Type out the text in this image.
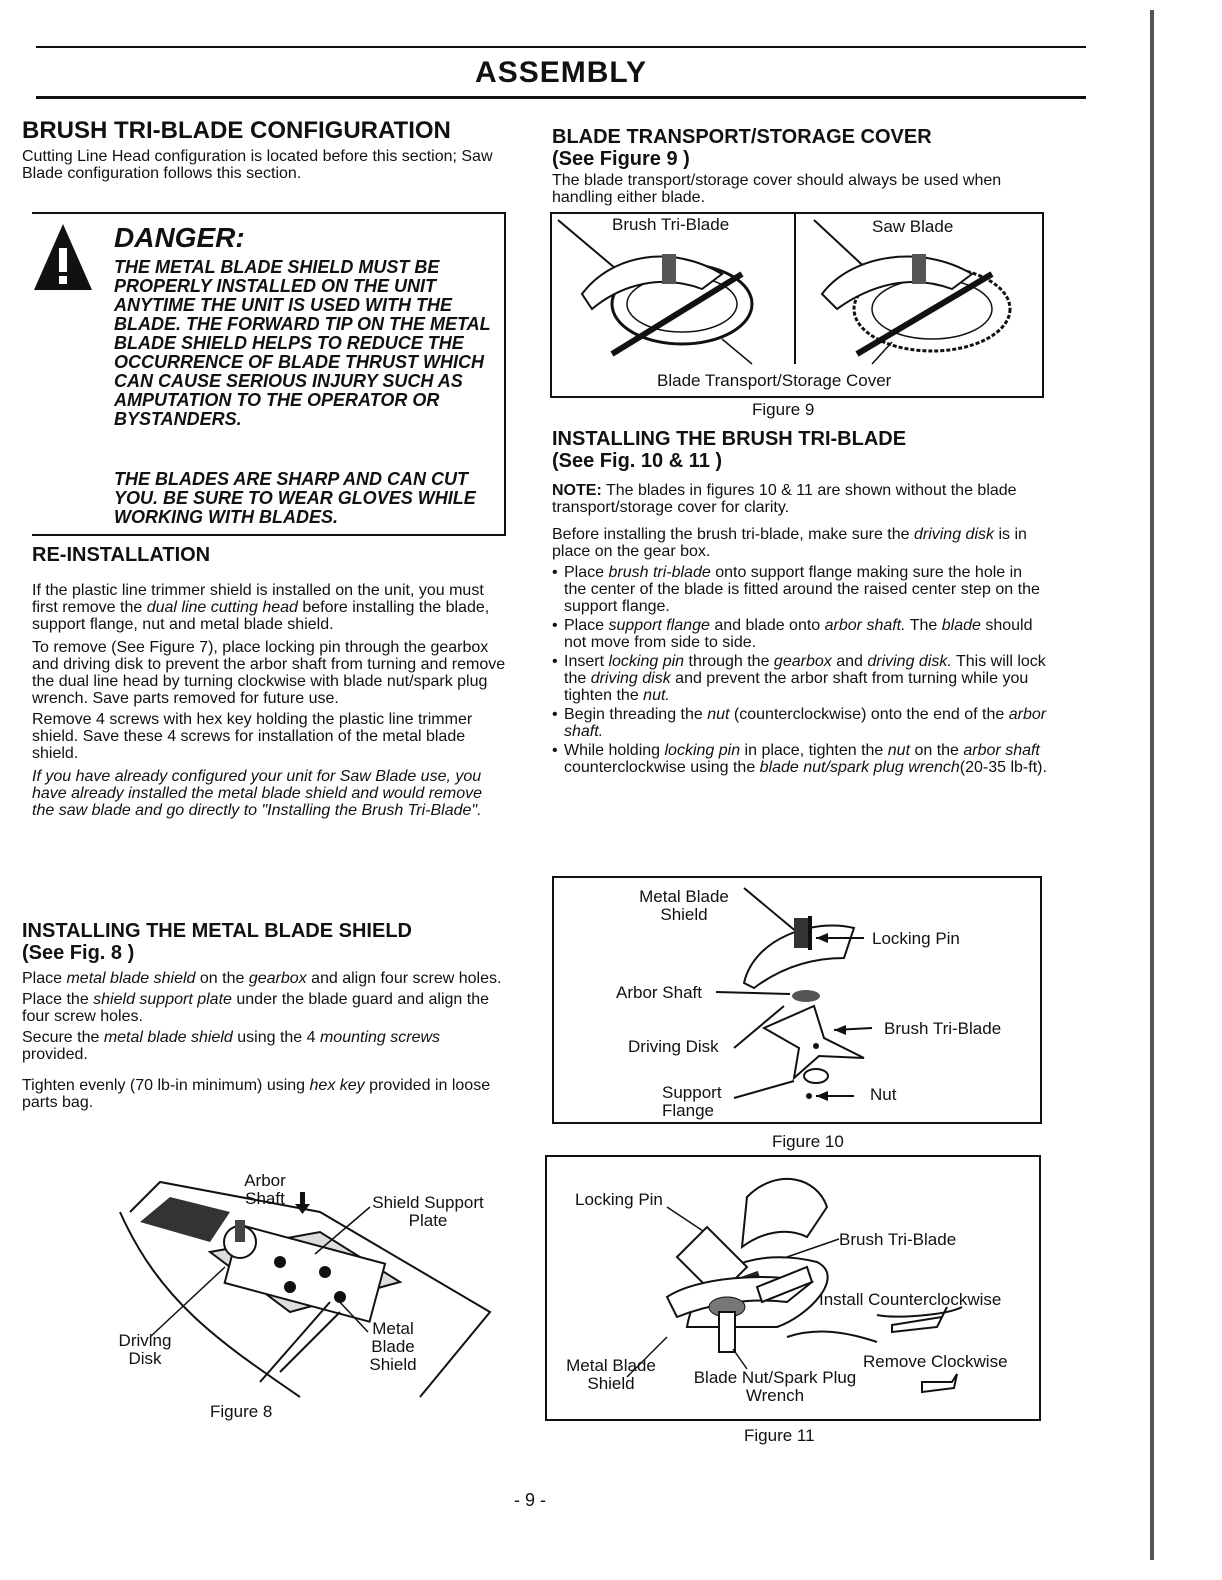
ASSEMBLY
BRUSH TRI-BLADE CONFIGURATION

Cutting Line Head configuration is located before this section; Saw Blade configuration follows this section.

DANGER:

THE METAL BLADE SHIELD MUST BE PROPERLY INSTALLED ON THE UNIT ANYTIME THE UNIT IS USED WITH THE BLADE. THE FORWARD TIP ON THE METAL BLADE SHIELD HELPS TO REDUCE THE OCCURRENCE OF BLADE THRUST WHICH CAN CAUSE SERIOUS INJURY SUCH AS AMPUTATION TO THE OPERATOR OR BYSTANDERS.

THE BLADES ARE SHARP AND CAN CUT YOU. BE SURE TO WEAR GLOVES WHILE WORKING WITH BLADES.

RE-INSTALLATION

If the plastic line trimmer shield is installed on the unit, you must first remove the dual line cutting head before installing the blade, support flange, nut and metal blade shield.

To remove (See Figure 7), place locking pin through the gearbox and driving disk to prevent the arbor shaft from turning and remove the dual line head by turning clockwise with blade nut/spark plug wrench. Save parts removed for future use.

Remove 4 screws with hex key holding the plastic line trimmer shield. Save these 4 screws for installation of the metal blade shield.

If you have already configured your unit for Saw Blade use, you have already installed the metal blade shield and would remove the saw blade and go directly to "Installing the Brush Tri-Blade".

INSTALLING THE METAL BLADE SHIELD
(See Fig. 8 )

Place metal blade shield on the gearbox and align four screw holes.

Place the shield support plate under the blade guard and align the four screw holes.

Secure the metal blade shield using the 4 mounting screws provided.

Tighten evenly (70 lb-in minimum) using hex key provided in loose parts bag.

Arbor Shaft	Shield Support Plate
Driving Disk
Metal Blade Shield
Figure 8
BLADE TRANSPORT/STORAGE COVER
(See Figure 9 )

The blade transport/storage cover should always be used when handling either blade.

Brush Tri-Blade	Saw Blade
Blade Transport/Storage Cover
Figure 9
INSTALLING THE BRUSH TRI-BLADE
(See Fig. 10 & 11 )

NOTE: The blades in figures 10 & 11 are shown without the blade transport/storage cover for clarity.

Before installing the brush tri-blade, make sure the driving disk is in place on the gear box.

• Place brush tri-blade onto support flange making sure the hole in the center of the blade is fitted around the raised center step on the support flange.

• Place support flange and blade onto arbor shaft. The blade should not move from side to side.

• Insert locking pin through the gearbox and driving disk. This will lock the driving disk and prevent the arbor shaft from turning while you tighten the nut.

• Begin threading the nut (counterclockwise) onto the end of the arbor shaft.

• While holding locking pin in place, tighten the nut on the arbor shaft counterclockwise using the blade nut/spark plug wrench(20-35 lb-ft).

Metal Blade Shield
Locking Pin
Arbor Shaft
Brush Tri-Blade
Driving Disk
Support Flange
Nut
Figure 10
Locking Pin
Brush Tri-Blade
Install Counterclockwise
Remove Clockwise
Metal Blade Shield	Blade Nut/Spark Plug Wrench
Figure 11
- 9 -
